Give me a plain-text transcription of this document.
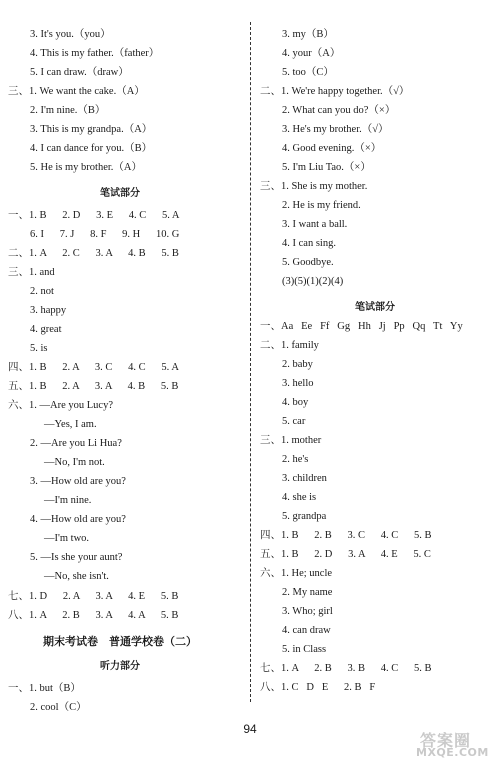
3. It's you.（you）
4. This is my father.（father）
5. I can draw.（draw）
三、1. We want the cake.（A）
2. I'm nine.（B）
3. This is my grandpa.（A）
4. I can dance for you.（B）
5. He is my brother.（A）
笔试部分
一、1. B      2. D      3. E      4. C      5. A
6. I      7. J      8. F      9. H      10. G
二、1. A      2. C      3. A      4. B      5. B
三、1. and
2. not
3. happy
4. great
5. is
四、1. B      2. A      3. C      4. C      5. A
五、1. B      2. A      3. A      4. B      5. B
六、1. —Are you Lucy?
—Yes, I am.
2. —Are you Li Hua?
—No, I'm not.
3. —How old are you?
—I'm nine.
4. —How old are you?
—I'm two.
5. —Is she your aunt?
—No, she isn't.
七、1. D      2. A      3. A      4. E      5. B
八、1. A      2. B      3. A      4. A      5. B
期末考试卷　普通学校卷（二）
听力部分
一、1. but（B）
2. cool（C）
3. my（B）
4. your（A）
5. too（C）
二、1. We're happy together.（√）
2. What can you do?（×）
3. He's my brother.（√）
4. Good evening.（×）
5. I'm Liu Tao.（×）
三、1. She is my mother.
2. He is my friend.
3. I want a ball.
4. I can sing.
5. Goodbye.
(3)(5)(1)(2)(4)
笔试部分
一、Aa   Ee   Ff   Gg   Hh   Jj   Pp   Qq   Tt   Yy
二、1. family
2. baby
3. hello
4. boy
5. car
三、1. mother
2. he's
3. children
4. she is
5. grandpa
四、1. B      2. B      3. C      4. C      5. B
五、1. B      2. D      3. A      4. E      5. C
六、1. He; uncle
2. My name
3. Who; girl
4. can draw
5. in Class
七、1. A      2. B      3. B      4. C      5. B
八、1. C   D   E      2. B   F
94
答案圈
MXQE.COM
